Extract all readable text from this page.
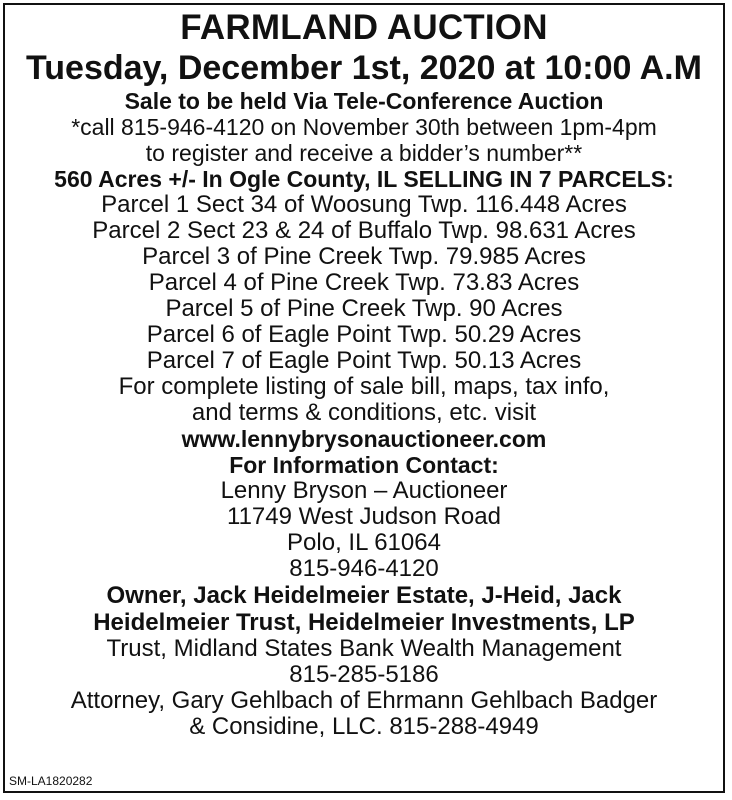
FARMLAND AUCTION
Tuesday, December 1st, 2020 at 10:00 A.M
Sale to be held Via Tele-Conference Auction
*call 815-946-4120 on November 30th between 1pm-4pm
to register and receive a bidder’s number**
560 Acres +/- In Ogle County, IL SELLING IN 7 PARCELS:
Parcel 1 Sect 34 of Woosung Twp. 116.448 Acres
Parcel 2 Sect 23 & 24 of Buffalo Twp. 98.631 Acres
Parcel 3 of Pine Creek Twp. 79.985 Acres
Parcel 4 of Pine Creek Twp. 73.83 Acres
Parcel 5 of Pine Creek Twp. 90 Acres
Parcel 6 of Eagle Point Twp. 50.29 Acres
Parcel 7 of Eagle Point Twp. 50.13 Acres
For complete listing of sale bill, maps, tax info,
and terms & conditions, etc. visit
www.lennybrysonauctioneer.com
For Information Contact:
Lenny Bryson – Auctioneer
11749 West Judson Road
Polo, IL 61064
815-946-4120
Owner, Jack Heidelmeier Estate, J-Heid, Jack
Heidelmeier Trust, Heidelmeier Investments, LP
Trust, Midland States Bank Wealth Management
815-285-5186
Attorney, Gary Gehlbach of Ehrmann Gehlbach Badger
& Considine, LLC. 815-288-4949
SM-LA1820282
